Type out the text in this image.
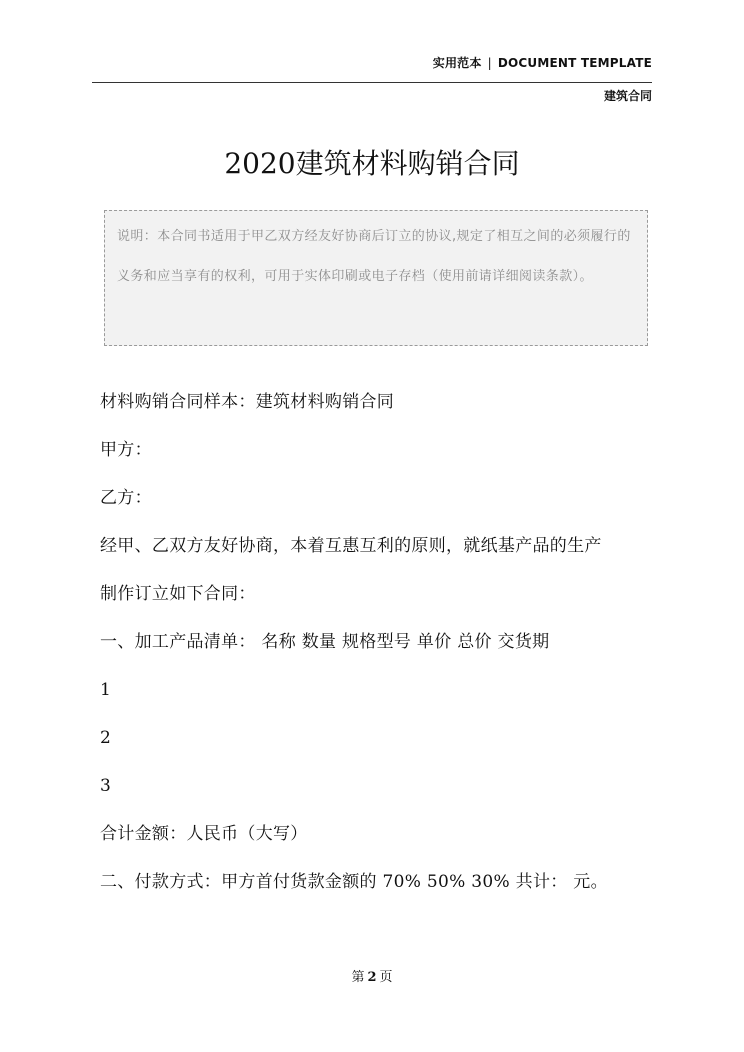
实用范本 | DOCUMENT TEMPLATE
建筑合同
2020建筑材料购销合同
说明：本合同书适用于甲乙双方经友好协商后订立的协议,规定了相互之间的必须履行的义务和应当享有的权利，可用于实体印刷或电子存档（使用前请详细阅读条款）。
材料购销合同样本：建筑材料购销合同
甲方：
乙方：
经甲、乙双方友好协商，本着互惠互利的原则，就纸基产品的生产
制作订立如下合同：
一、加工产品清单： 名称 数量 规格型号 单价 总价 交货期
1
2
3
合计金额：人民币（大写）
二、付款方式：甲方首付货款金额的 70% 50% 30% 共计： 元。
第 2 页
